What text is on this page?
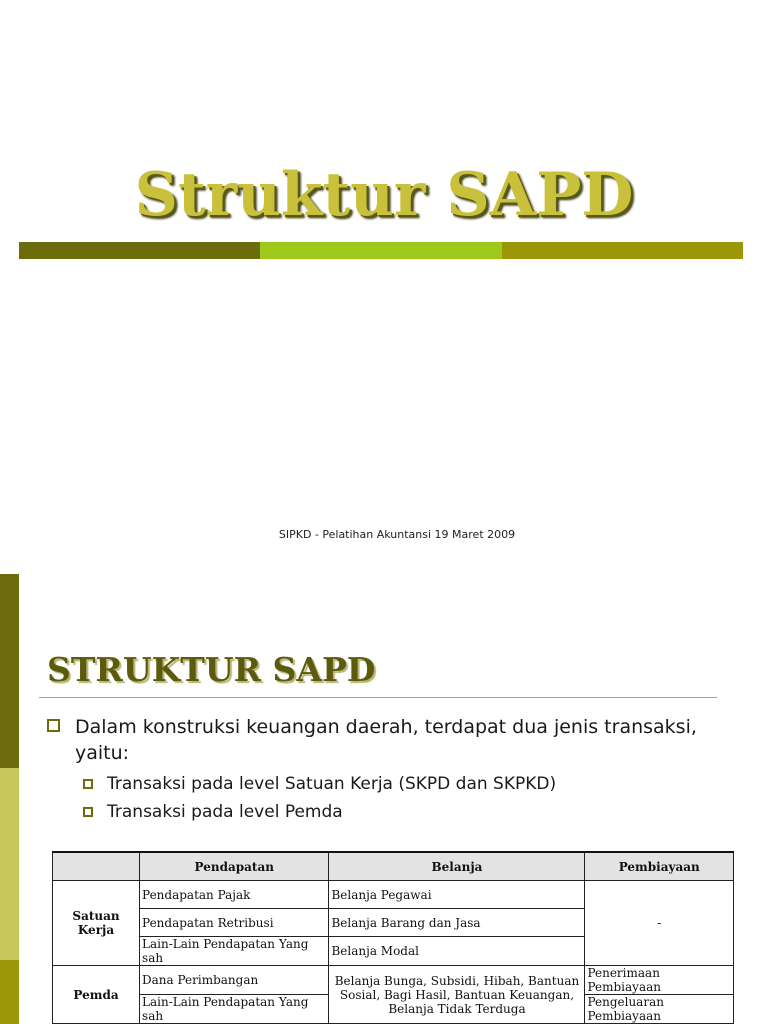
Struktur SAPD
SIPKD - Pelatihan Akuntansi 19 Maret 2009
STRUKTUR SAPD
Dalam konstruksi keuangan daerah, terdapat dua jenis transaksi, yaitu:
Transaksi pada level Satuan Kerja (SKPD dan SKPKD)
Transaksi pada level Pemda
	Pendapatan	Belanja	Pembiayaan
Satuan Kerja	Pendapatan Pajak	Belanja Pegawai	-
	Pendapatan Retribusi	Belanja Barang dan Jasa	
	Lain-Lain Pendapatan Yang sah	Belanja Modal	
Pemda	Dana Perimbangan	Belanja Bunga, Subsidi, Hibah, Bantuan Sosial, Bagi Hasil, Bantuan Keuangan, Belanja Tidak Terduga	Penerimaan Pembiayaan
	Lain-Lain Pendapatan Yang sah		Pengeluaran Pembiayaan
